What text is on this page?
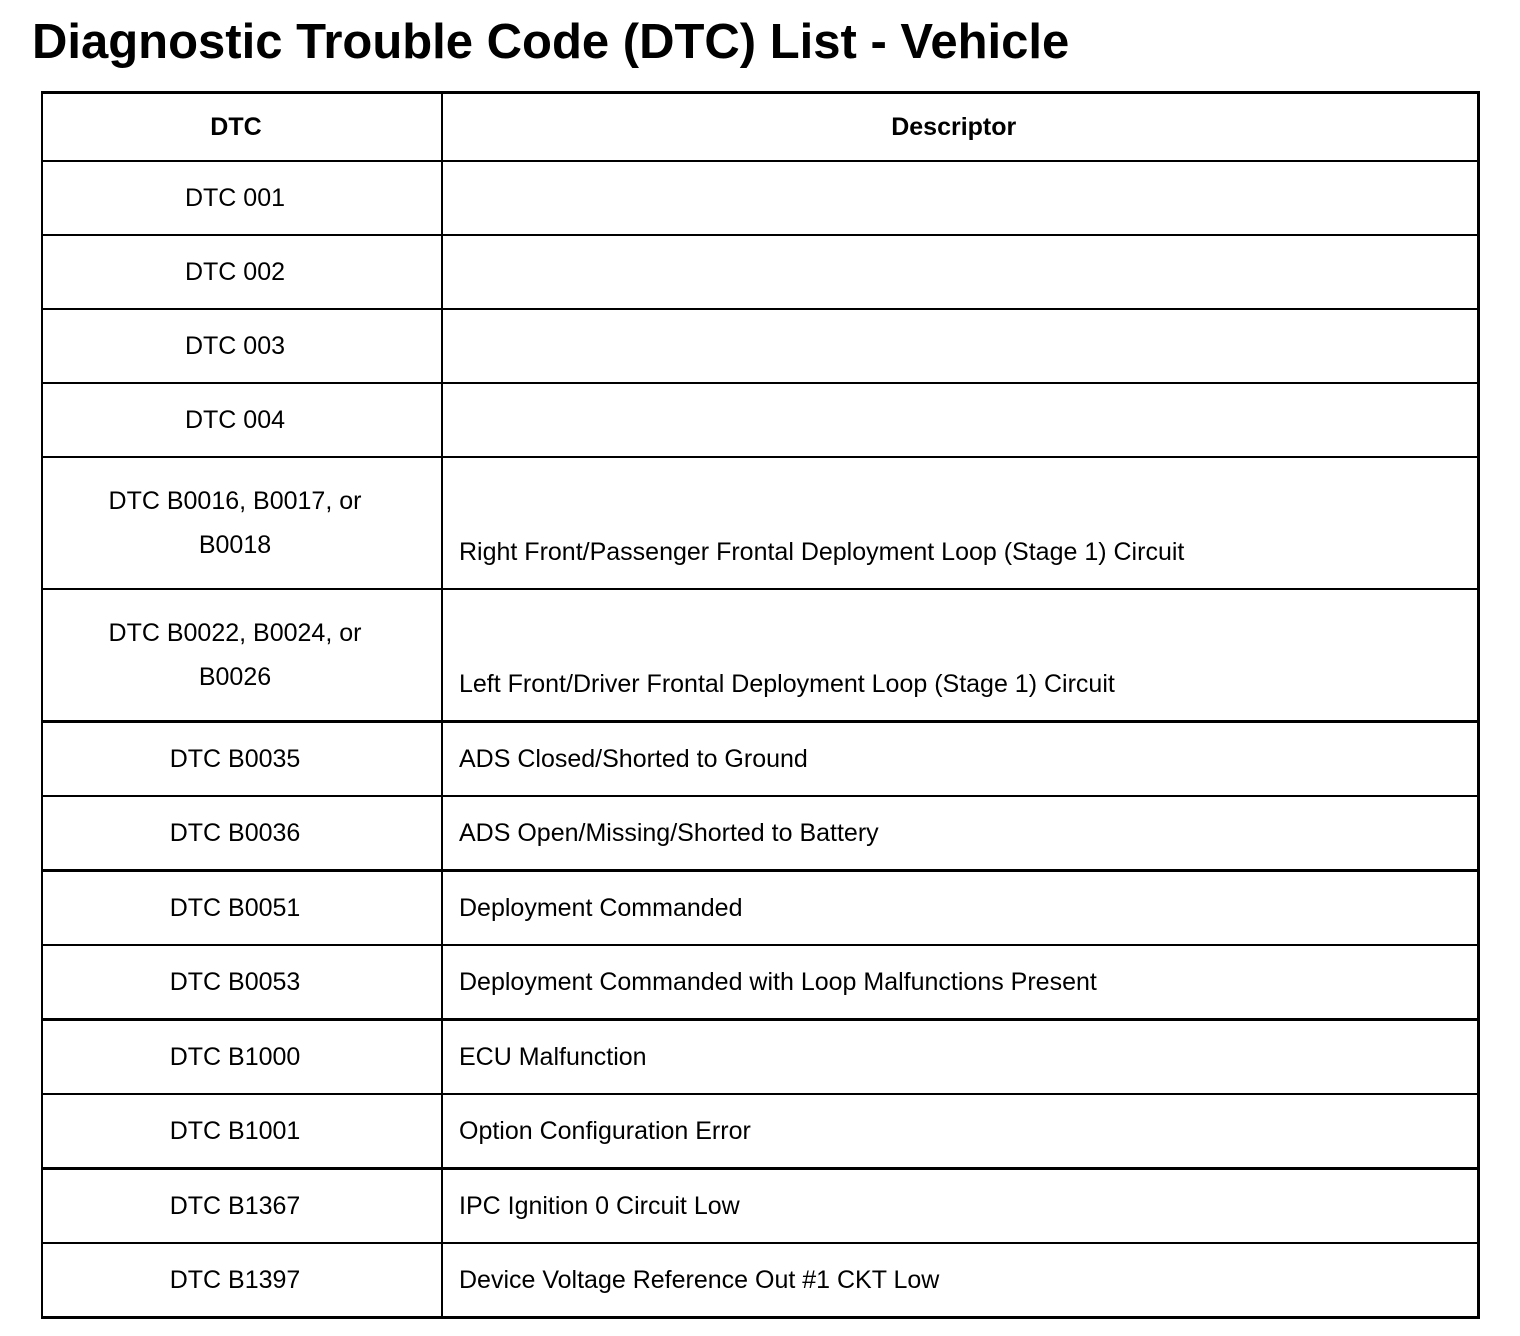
Diagnostic Trouble Code (DTC) List - Vehicle
DTC	Descriptor
DTC 001	
DTC 002	
DTC 003	
DTC 004	
DTC B0016, B0017, or B0018	Right Front/Passenger Frontal Deployment Loop (Stage 1) Circuit
DTC B0022, B0024, or B0026	Left Front/Driver Frontal Deployment Loop (Stage 1) Circuit
DTC B0035	ADS Closed/Shorted to Ground
DTC B0036	ADS Open/Missing/Shorted to Battery
DTC B0051	Deployment Commanded
DTC B0053	Deployment Commanded with Loop Malfunctions Present
DTC B1000	ECU Malfunction
DTC B1001	Option Configuration Error
DTC B1367	IPC Ignition 0 Circuit Low
DTC B1397	Device Voltage Reference Out #1 CKT Low
